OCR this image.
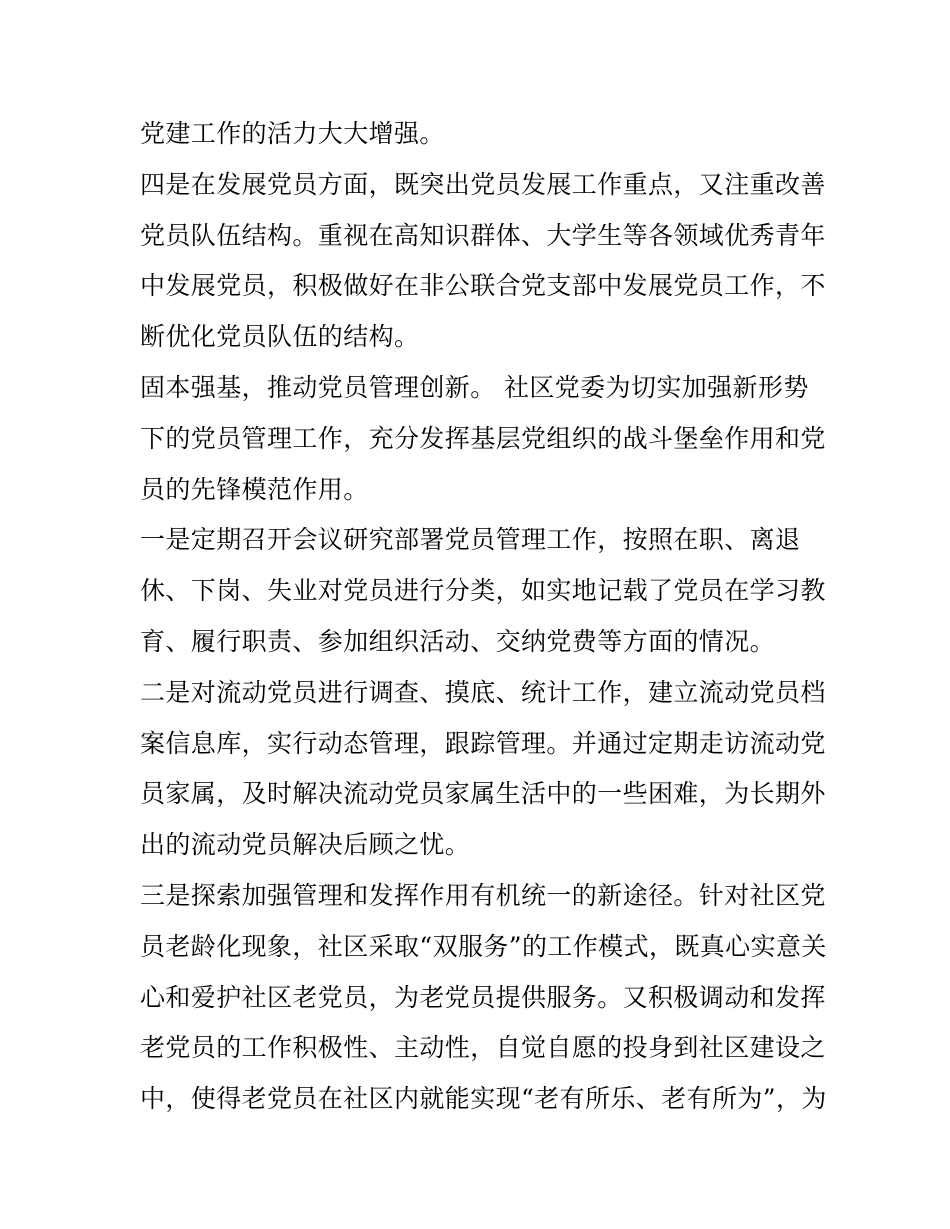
党建工作的活力大大增强。
四是在发展党员方面，既突出党员发展工作重点，又注重改善
党员队伍结构。重视在高知识群体、大学生等各领域优秀青年
中发展党员，积极做好在非公联合党支部中发展党员工作，不
断优化党员队伍的结构。
固本强基，推动党员管理创新。 社区党委为切实加强新形势
下的党员管理工作，充分发挥基层党组织的战斗堡垒作用和党
员的先锋模范作用。
一是定期召开会议研究部署党员管理工作，按照在职、离退
休、下岗、失业对党员进行分类，如实地记载了党员在学习教
育、履行职责、参加组织活动、交纳党费等方面的情况。
二是对流动党员进行调查、摸底、统计工作，建立流动党员档
案信息库，实行动态管理，跟踪管理。并通过定期走访流动党
员家属，及时解决流动党员家属生活中的一些困难，为长期外
出的流动党员解决后顾之忧。
三是探索加强管理和发挥作用有机统一的新途径。针对社区党
员老龄化现象，社区采取“双服务”的工作模式，既真心实意关
心和爱护社区老党员，为老党员提供服务。又积极调动和发挥
老党员的工作积极性、主动性，自觉自愿的投身到社区建设之
中，使得老党员在社区内就能实现“老有所乐、老有所为”，为
